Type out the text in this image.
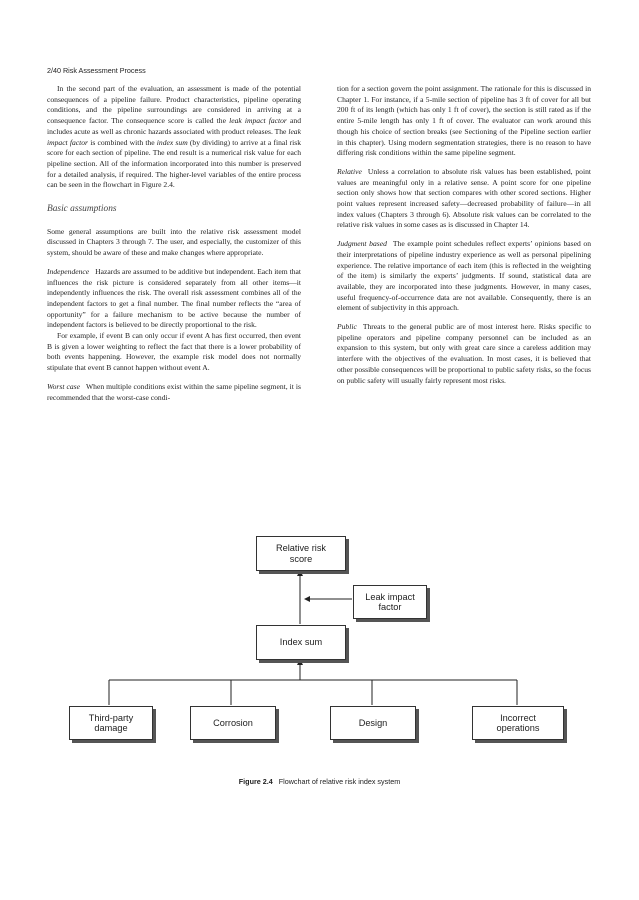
2/40 Risk Assessment Process

In the second part of the evaluation, an assessment is made of the potential consequences of a pipeline failure. Product characteristics, pipeline operating conditions, and the pipeline surroundings are considered in arriving at a consequence factor. The consequence score is called the leak impact factor and includes acute as well as chronic hazards associated with product releases. The leak impact factor is combined with the index sum (by dividing) to arrive at a final risk score for each section of pipeline. The end result is a numerical risk value for each pipeline section. All of the information incorporated into this number is preserved for a detailed analysis, if required. The higher-level variables of the entire process can be seen in the flowchart in Figure 2.4.

Basic assumptions

Some general assumptions are built into the relative risk assessment model discussed in Chapters 3 through 7. The user, and especially, the customizer of this system, should be aware of these and make changes where appropriate.

Independence Hazards are assumed to be additive but independent. Each item that influences the risk picture is considered separately from all other items—it independently influences the risk. The overall risk assessment combines all of the independent factors to get a final number. The final number reflects the “area of opportunity” for a failure mechanism to be active because the number of independent factors is believed to be directly proportional to the risk.

For example, if event B can only occur if event A has first occurred, then event B is given a lower weighting to reflect the fact that there is a lower probability of both events happening. However, the example risk model does not normally stipulate that event B cannot happen without event A.

Worst case When multiple conditions exist within the same pipeline segment, it is recommended that the worst-case condi-

tion for a section govern the point assignment. The rationale for this is discussed in Chapter 1. For instance, if a 5-mile section of pipeline has 3 ft of cover for all but 200 ft of its length (which has only 1 ft of cover), the section is still rated as if the entire 5-mile length has only 1 ft of cover. The evaluator can work around this though his choice of section breaks (see Sectioning of the Pipeline section earlier in this chapter). Using modern segmentation strategies, there is no reason to have differing risk conditions within the same pipeline segment.

Relative Unless a correlation to absolute risk values has been established, point values are meaningful only in a relative sense. A point score for one pipeline section only shows how that section compares with other scored sections. Higher point values represent increased safety—decreased probability of failure—in all index values (Chapters 3 through 6). Absolute risk values can be correlated to the relative risk values in some cases as is discussed in Chapter 14.

Judgment based The example point schedules reflect experts’ opinions based on their interpretations of pipeline industry experience as well as personal pipelining experience. The relative importance of each item (this is reflected in the weighting of the item) is similarly the experts’ judgments. If sound, statistical data are available, they are incorporated into these judgments. However, in many cases, useful frequency-of-occurrence data are not available. Consequently, there is an element of subjectivity in this approach.

Public Threats to the general public are of most interest here. Risks specific to pipeline operators and pipeline company personnel can be included as an expansion to this system, but only with great care since a careless addition may interfere with the objectives of the evaluation. In most cases, it is believed that other possible consequences will be proportional to public safety risks, so the focus on public safety will usually fairly represent most risks.

Relative risk
score
Leak impact
factor
Index sum
Third-party
damage
Corrosion	Design
Incorrect
operations
Figure 2.4 Flowchart of relative risk index system
